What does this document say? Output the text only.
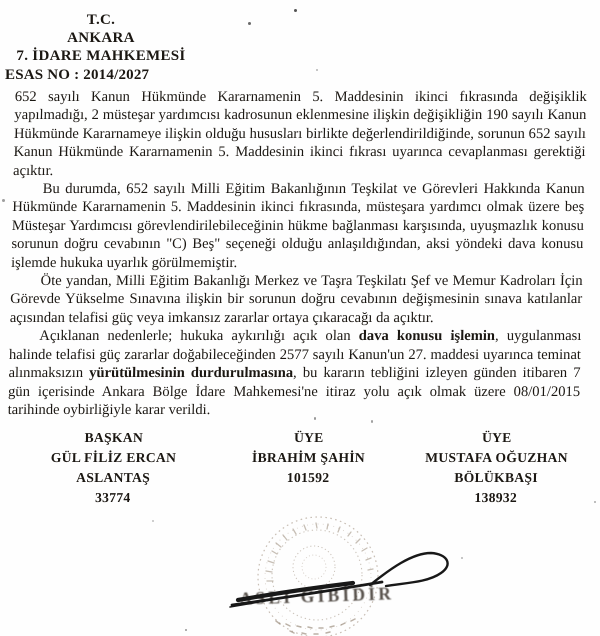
T.C.
ANKARA
7. İDARE MAHKEMESİ
ESAS NO : 2014/2027

652 sayılı Kanun Hükmünde Kararnamenin 5. Maddesinin ikinci fıkrasında değişiklik yapılmadığı, 2 müsteşar yardımcısı kadrosunun eklenmesine ilişkin değişikliğin 190 sayılı Kanun Hükmünde Kararnameye ilişkin olduğu hususları birlikte değerlendirildiğinde, sorunun 652 sayılı Kanun Hükmünde Kararnamenin 5. Maddesinin ikinci fıkrası uyarınca cevaplanması gerektiği açıktır.

Bu durumda, 652 sayılı Milli Eğitim Bakanlığının Teşkilat ve Görevleri Hakkında Kanun Hükmünde Kararnamenin 5. Maddesinin ikinci fıkrasında, müsteşara yardımcı olmak üzere beş Müsteşar Yardımcısı görevlendirilebileceğinin hükme bağlanması karşısında, uyuşmazlık konusu sorunun doğru cevabının "C) Beş" seçeneği olduğu anlaşıldığından, aksi yöndeki dava konusu işlemde hukuka uyarlık görülmemiştir.

Öte yandan, Milli Eğitim Bakanlığı Merkez ve Taşra Teşkilatı Şef ve Memur Kadroları İçin Görevde Yükselme Sınavına ilişkin bir sorunun doğru cevabının değişmesinin sınava katılanlar açısından telafisi güç veya imkansız zararlar ortaya çıkaracağı da açıktır.

Açıklanan nedenlerle; hukuka aykırılığı açık olan dava konusu işlemin, uygulanması halinde telafisi güç zararlar doğabileceğinden 2577 sayılı Kanun'un 27. maddesi uyarınca teminat alınmaksızın yürütülmesinin durdurulmasına, bu kararın tebliğini izleyen günden itibaren 7 gün içerisinde Ankara Bölge İdare Mahkemesi'ne itiraz yolu açık olmak üzere 08/01/2015 tarihinde oybirliğiyle karar verildi.

BAŞKAN
GÜL FİLİZ ERCAN
ASLANTAŞ
33774
ÜYE
İBRAHİM ŞAHİN
101592
ÜYE
MUSTAFA OĞUZHAN
BÖLÜKBAŞI
138932
ASLI GİBİDİR
